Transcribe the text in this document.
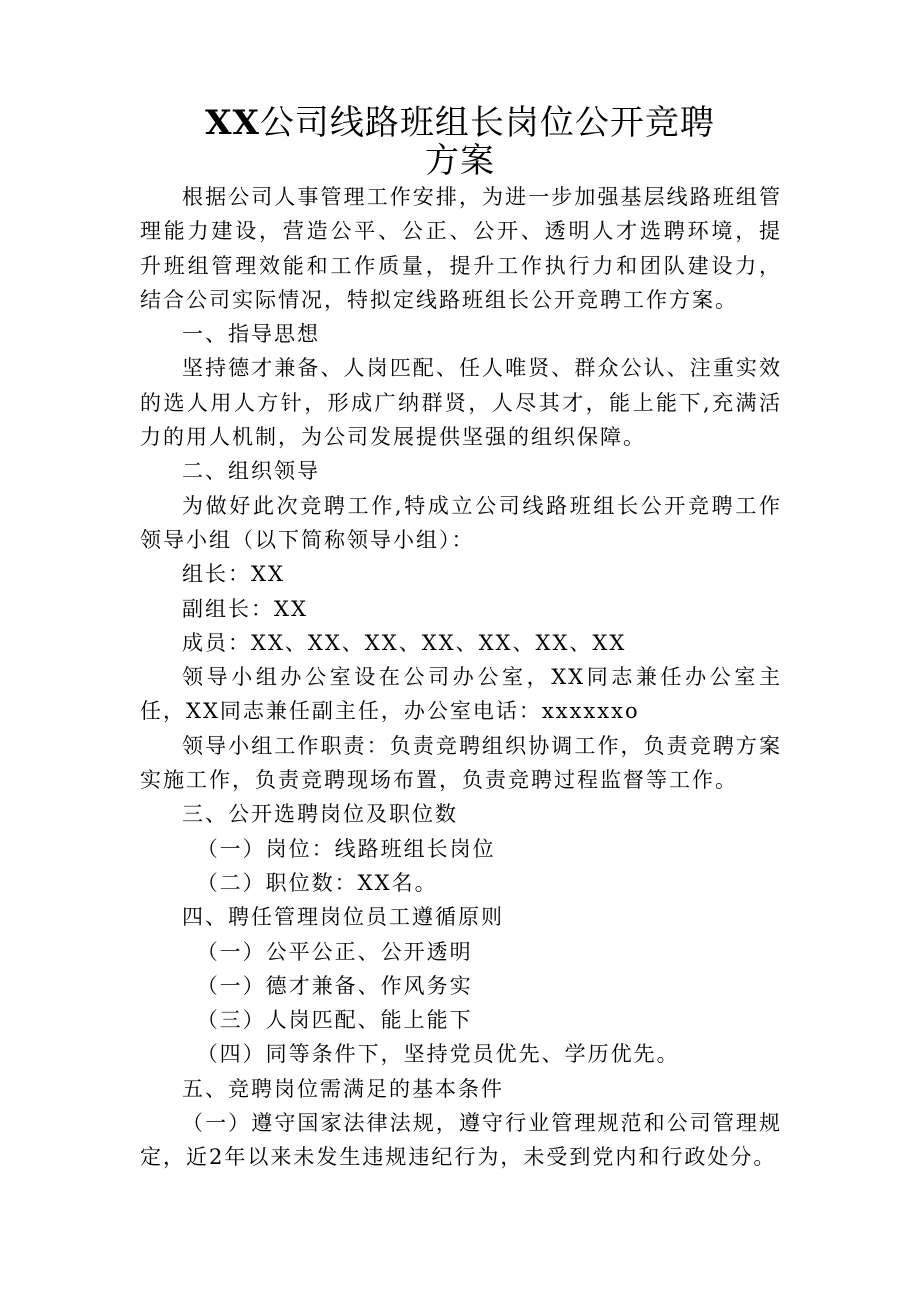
XX公司线路班组长岗位公开竞聘
方案

根据公司人事管理工作安排，为进一步加强基层线路班组管理能力建设，营造公平、公正、公开、透明人才选聘环境，提升班组管理效能和工作质量，提升工作执行力和团队建设力，结合公司实际情况，特拟定线路班组长公开竞聘工作方案。

一、指导思想

坚持德才兼备、人岗匹配、任人唯贤、群众公认、注重实效的选人用人方针，形成广纳群贤，人尽其才，能上能下,充满活力的用人机制，为公司发展提供坚强的组织保障。

二、组织领导

为做好此次竞聘工作,特成立公司线路班组长公开竞聘工作领导小组（以下简称领导小组）：

组长：XX

副组长：XX

成员：XX、XX、XX、XX、XX、XX、XX

领导小组办公室设在公司办公室，XX同志兼任办公室主任，XX同志兼任副主任，办公室电话：xxxxxxo

领导小组工作职责：负责竞聘组织协调工作，负责竞聘方案实施工作，负责竞聘现场布置，负责竞聘过程监督等工作。

三、公开选聘岗位及职位数

（一）岗位：线路班组长岗位

（二）职位数：XX名。

四、聘任管理岗位员工遵循原则

（一）公平公正、公开透明

（一）德才兼备、作风务实

（三）人岗匹配、能上能下

（四）同等条件下，坚持党员优先、学历优先。

五、竞聘岗位需满足的基本条件

（一）遵守国家法律法规，遵守行业管理规范和公司管理规定，近2年以来未发生违规违纪行为，未受到党内和行政处分。
